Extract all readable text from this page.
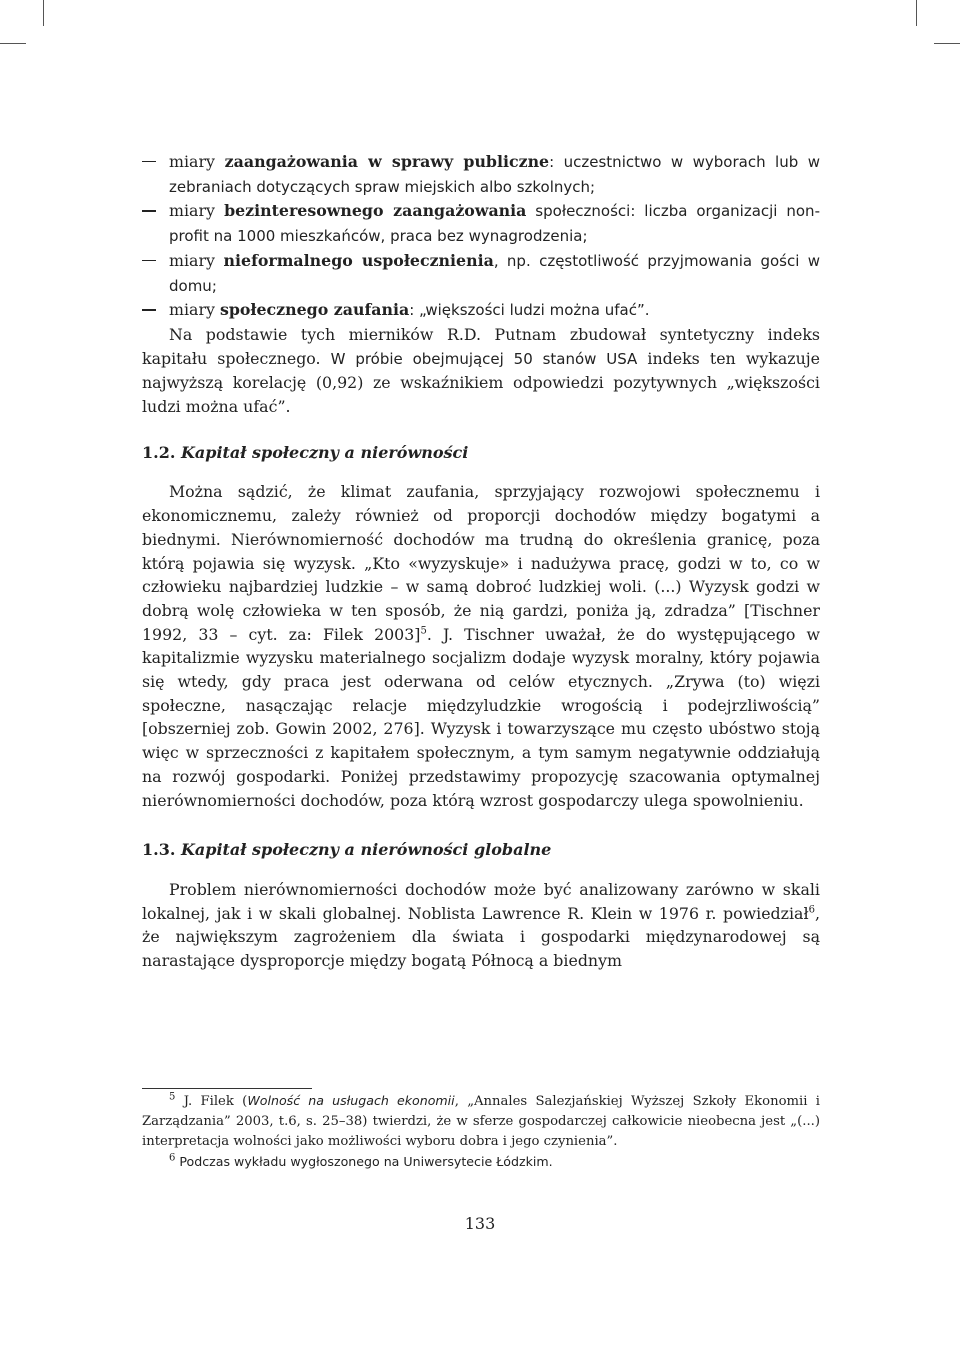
miary zaangażowania w sprawy publiczne: uczestnictwo w wyborach lub w zebraniach dotyczących spraw miejskich albo szkolnych;
miary bezinteresownego zaangażowania społeczności: liczba organizacji non-profit na 1000 mieszkańców, praca bez wynagrodzenia;
miary nieformalnego uspołecznienia, np. częstotliwość przyjmowania gości w domu;
miary społecznego zaufania: „większości ludzi można ufać”.

Na podstawie tych mierników R.D. Putnam zbudował syntetyczny indeks kapitału społecznego. W próbie obejmującej 50 stanów USA indeks ten wykazuje najwyższą korelację (0,92) ze wskaźnikiem odpowiedzi pozytywnych „większości ludzi można ufać”.

1.2. Kapitał społeczny a nierówności

Można sądzić, że klimat zaufania, sprzyjający rozwojowi społecznemu i ekonomicznemu, zależy również od proporcji dochodów między bogatymi a biednymi. Nierównomierność dochodów ma trudną do określenia granicę, poza którą pojawia się wyzysk. „Kto «wyzyskuje» i nadużywa pracę, godzi w to, co w człowieku najbardziej ludzkie – w samą dobroć ludzkiej woli. (...) Wyzysk godzi w dobrą wolę człowieka w ten sposób, że nią gardzi, poniża ją, zdradza” [Tischner 1992, 33 – cyt. za: Filek 2003]$^5$. J. Tischner uważał, że do występującego w kapitalizmie wyzysku materialnego socjalizm dodaje wyzysk moralny, który pojawia się wtedy, gdy praca jest oderwana od celów etycznych. „Zrywa (to) więzi społeczne, nasączając relacje międzyludzkie wrogością i podejrzliwością” [obszerniej zob. Gowin 2002, 276]. Wyzysk i towarzyszące mu często ubóstwo stoją więc w sprzeczności z kapitałem społecznym, a tym samym negatywnie oddziałują na rozwój gospodarki. Poniżej przedstawimy propozycję szacowania optymalnej nierównomierności dochodów, poza którą wzrost gospodarczy ulega spowolnieniu.

1.3. Kapitał społeczny a nierówności globalne

Problem nierównomierności dochodów może być analizowany zarówno w skali lokalnej, jak i w skali globalnej. Noblista Lawrence R. Klein w 1976 r. powiedział$^6$, że największym zagrożeniem dla świata i gospodarki międzynarodowej są narastające dysproporcje między bogatą Północą a biednym

$^5$ J. Filek (Wolność na usługach ekonomii, „Annales Salezjańskiej Wyższej Szkoły Ekonomii i Zarządzania” 2003, t.6, s. 25–38) twierdzi, że w sferze gospodarczej całkowicie nieobecna jest „(...) interpretacja wolności jako możliwości wyboru dobra i jego czynienia”.

$^6$ Podczas wykładu wygłoszonego na Uniwersytecie Łódzkim.

133
